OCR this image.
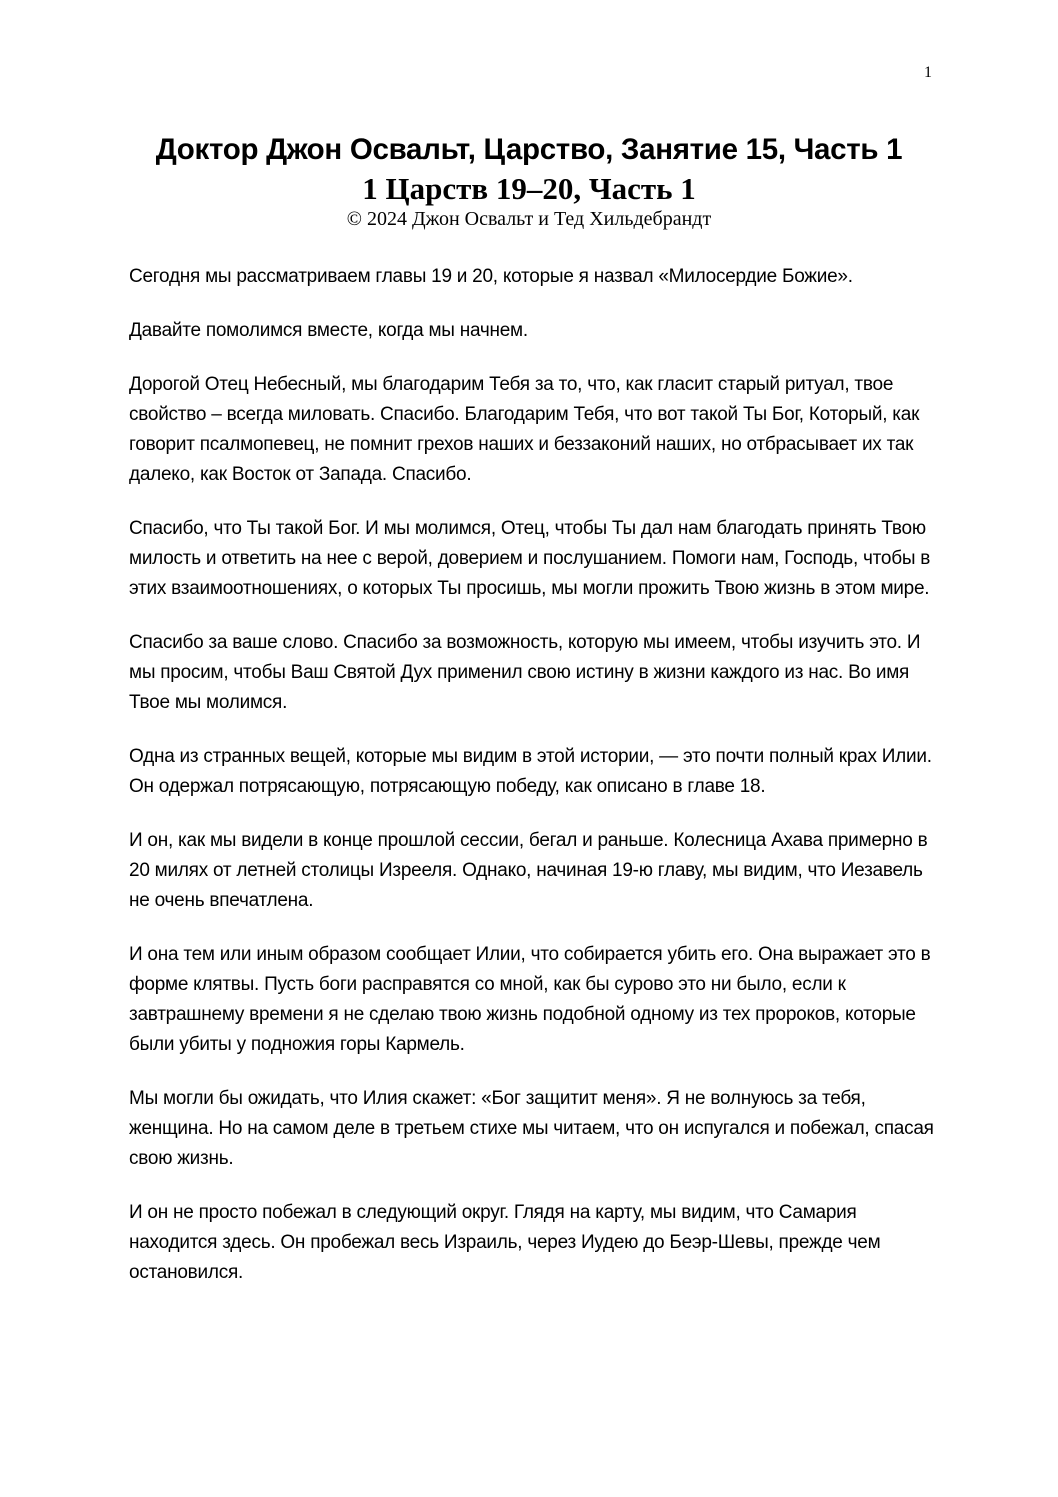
1
Доктор Джон Освальт, Царство, Занятие 15, Часть 1
1 Царств 19–20, Часть 1

© 2024 Джон Освальт и Тед Хильдебрандт

Сегодня мы рассматриваем главы 19 и 20, которые я назвал «Милосердие Божие».

Давайте помолимся вместе, когда мы начнем.

Дорогой Отец Небесный, мы благодарим Тебя за то, что, как гласит старый ритуал, твое свойство – всегда миловать. Спасибо. Благодарим Тебя, что вот такой Ты Бог, Который, как говорит псалмопевец, не помнит грехов наших и беззаконий наших, но отбрасывает их так далеко, как Восток от Запада. Спасибо.

Спасибо, что Ты такой Бог. И мы молимся, Отец, чтобы Ты дал нам благодать принять Твою милость и ответить на нее с верой, доверием и послушанием. Помоги нам, Господь, чтобы в этих взаимоотношениях, о которых Ты просишь, мы могли прожить Твою жизнь в этом мире.

Спасибо за ваше слово. Спасибо за возможность, которую мы имеем, чтобы изучить это. И мы просим, чтобы Ваш Святой Дух применил свою истину в жизни каждого из нас. Во имя Твое мы молимся.

Одна из странных вещей, которые мы видим в этой истории, — это почти полный крах Илии. Он одержал потрясающую, потрясающую победу, как описано в главе 18.

И он, как мы видели в конце прошлой сессии, бегал и раньше. Колесница Ахава примерно в 20 милях от летней столицы Изрееля. Однако, начиная 19-ю главу, мы видим, что Иезавель не очень впечатлена.

И она тем или иным образом сообщает Илии, что собирается убить его. Она выражает это в форме клятвы. Пусть боги расправятся со мной, как бы сурово это ни было, если к завтрашнему времени я не сделаю твою жизнь подобной одному из тех пророков, которые были убиты у подножия горы Кармель.

Мы могли бы ожидать, что Илия скажет: «Бог защитит меня». Я не волнуюсь за тебя, женщина. Но на самом деле в третьем стихе мы читаем, что он испугался и побежал, спасая свою жизнь.

И он не просто побежал в следующий округ. Глядя на карту, мы видим, что Самария находится здесь. Он пробежал весь Израиль, через Иудею до Беэр-Шевы, прежде чем остановился.
